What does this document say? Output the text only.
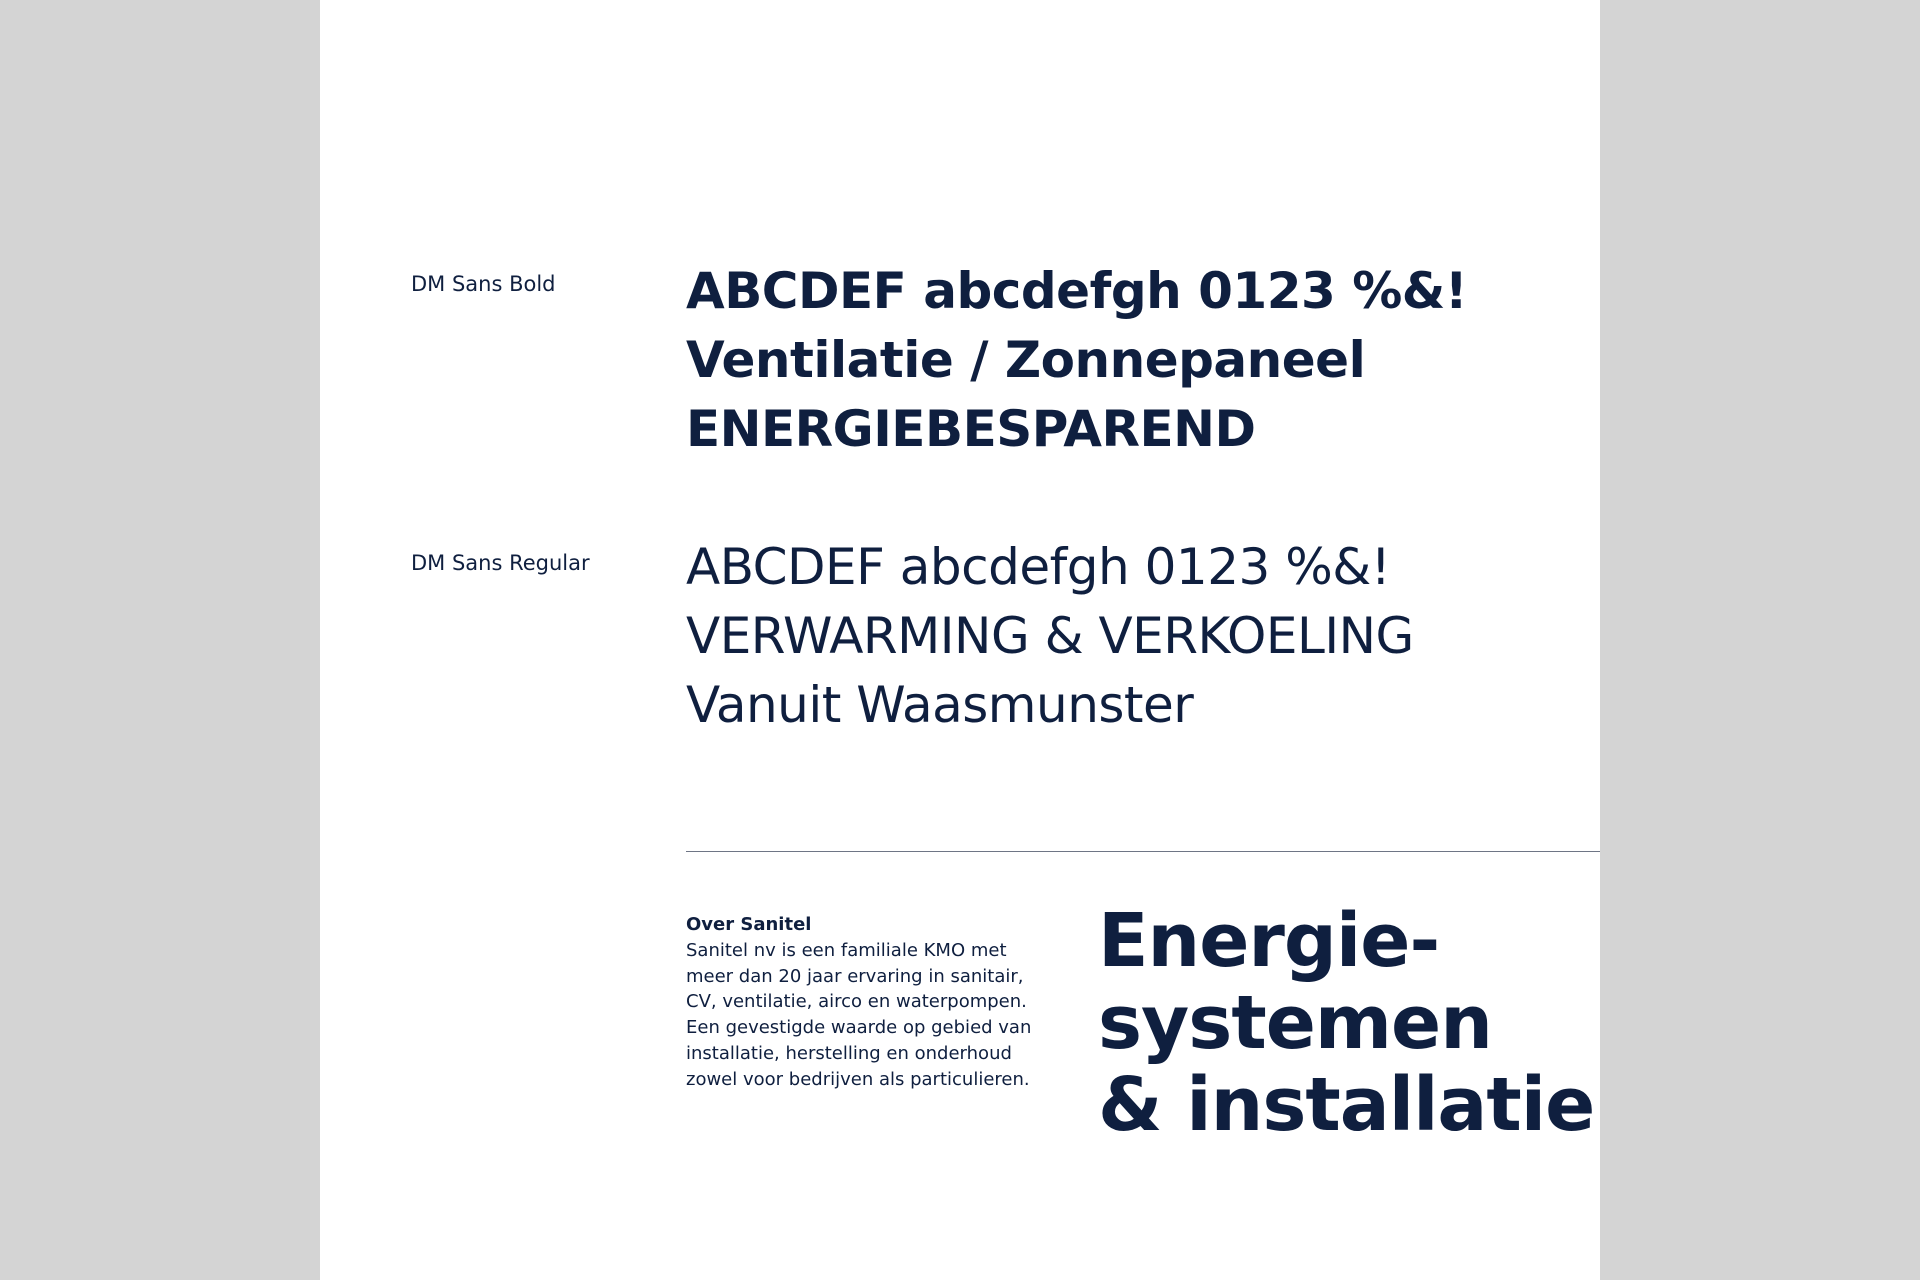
DM Sans Bold	ABCDEF abcdefgh 0123 %&!
Ventilatie / Zonnepaneel
ENERGIEBESPAREND
DM Sans Regular ABCDEF abcdefgh 0123 %&!
VERWARMING & VERKOELING
Vanuit Waasmunster
Over Sanitel
Sanitel nv is een familiale KMO met meer dan 20 jaar ervaring in sanitair, CV, ventilatie, airco en waterpompen. Een gevestigde waarde op gebied van installatie, herstelling en onderhoud zowel voor bedrijven als particulieren.
Energie-
systemen
& installatie
